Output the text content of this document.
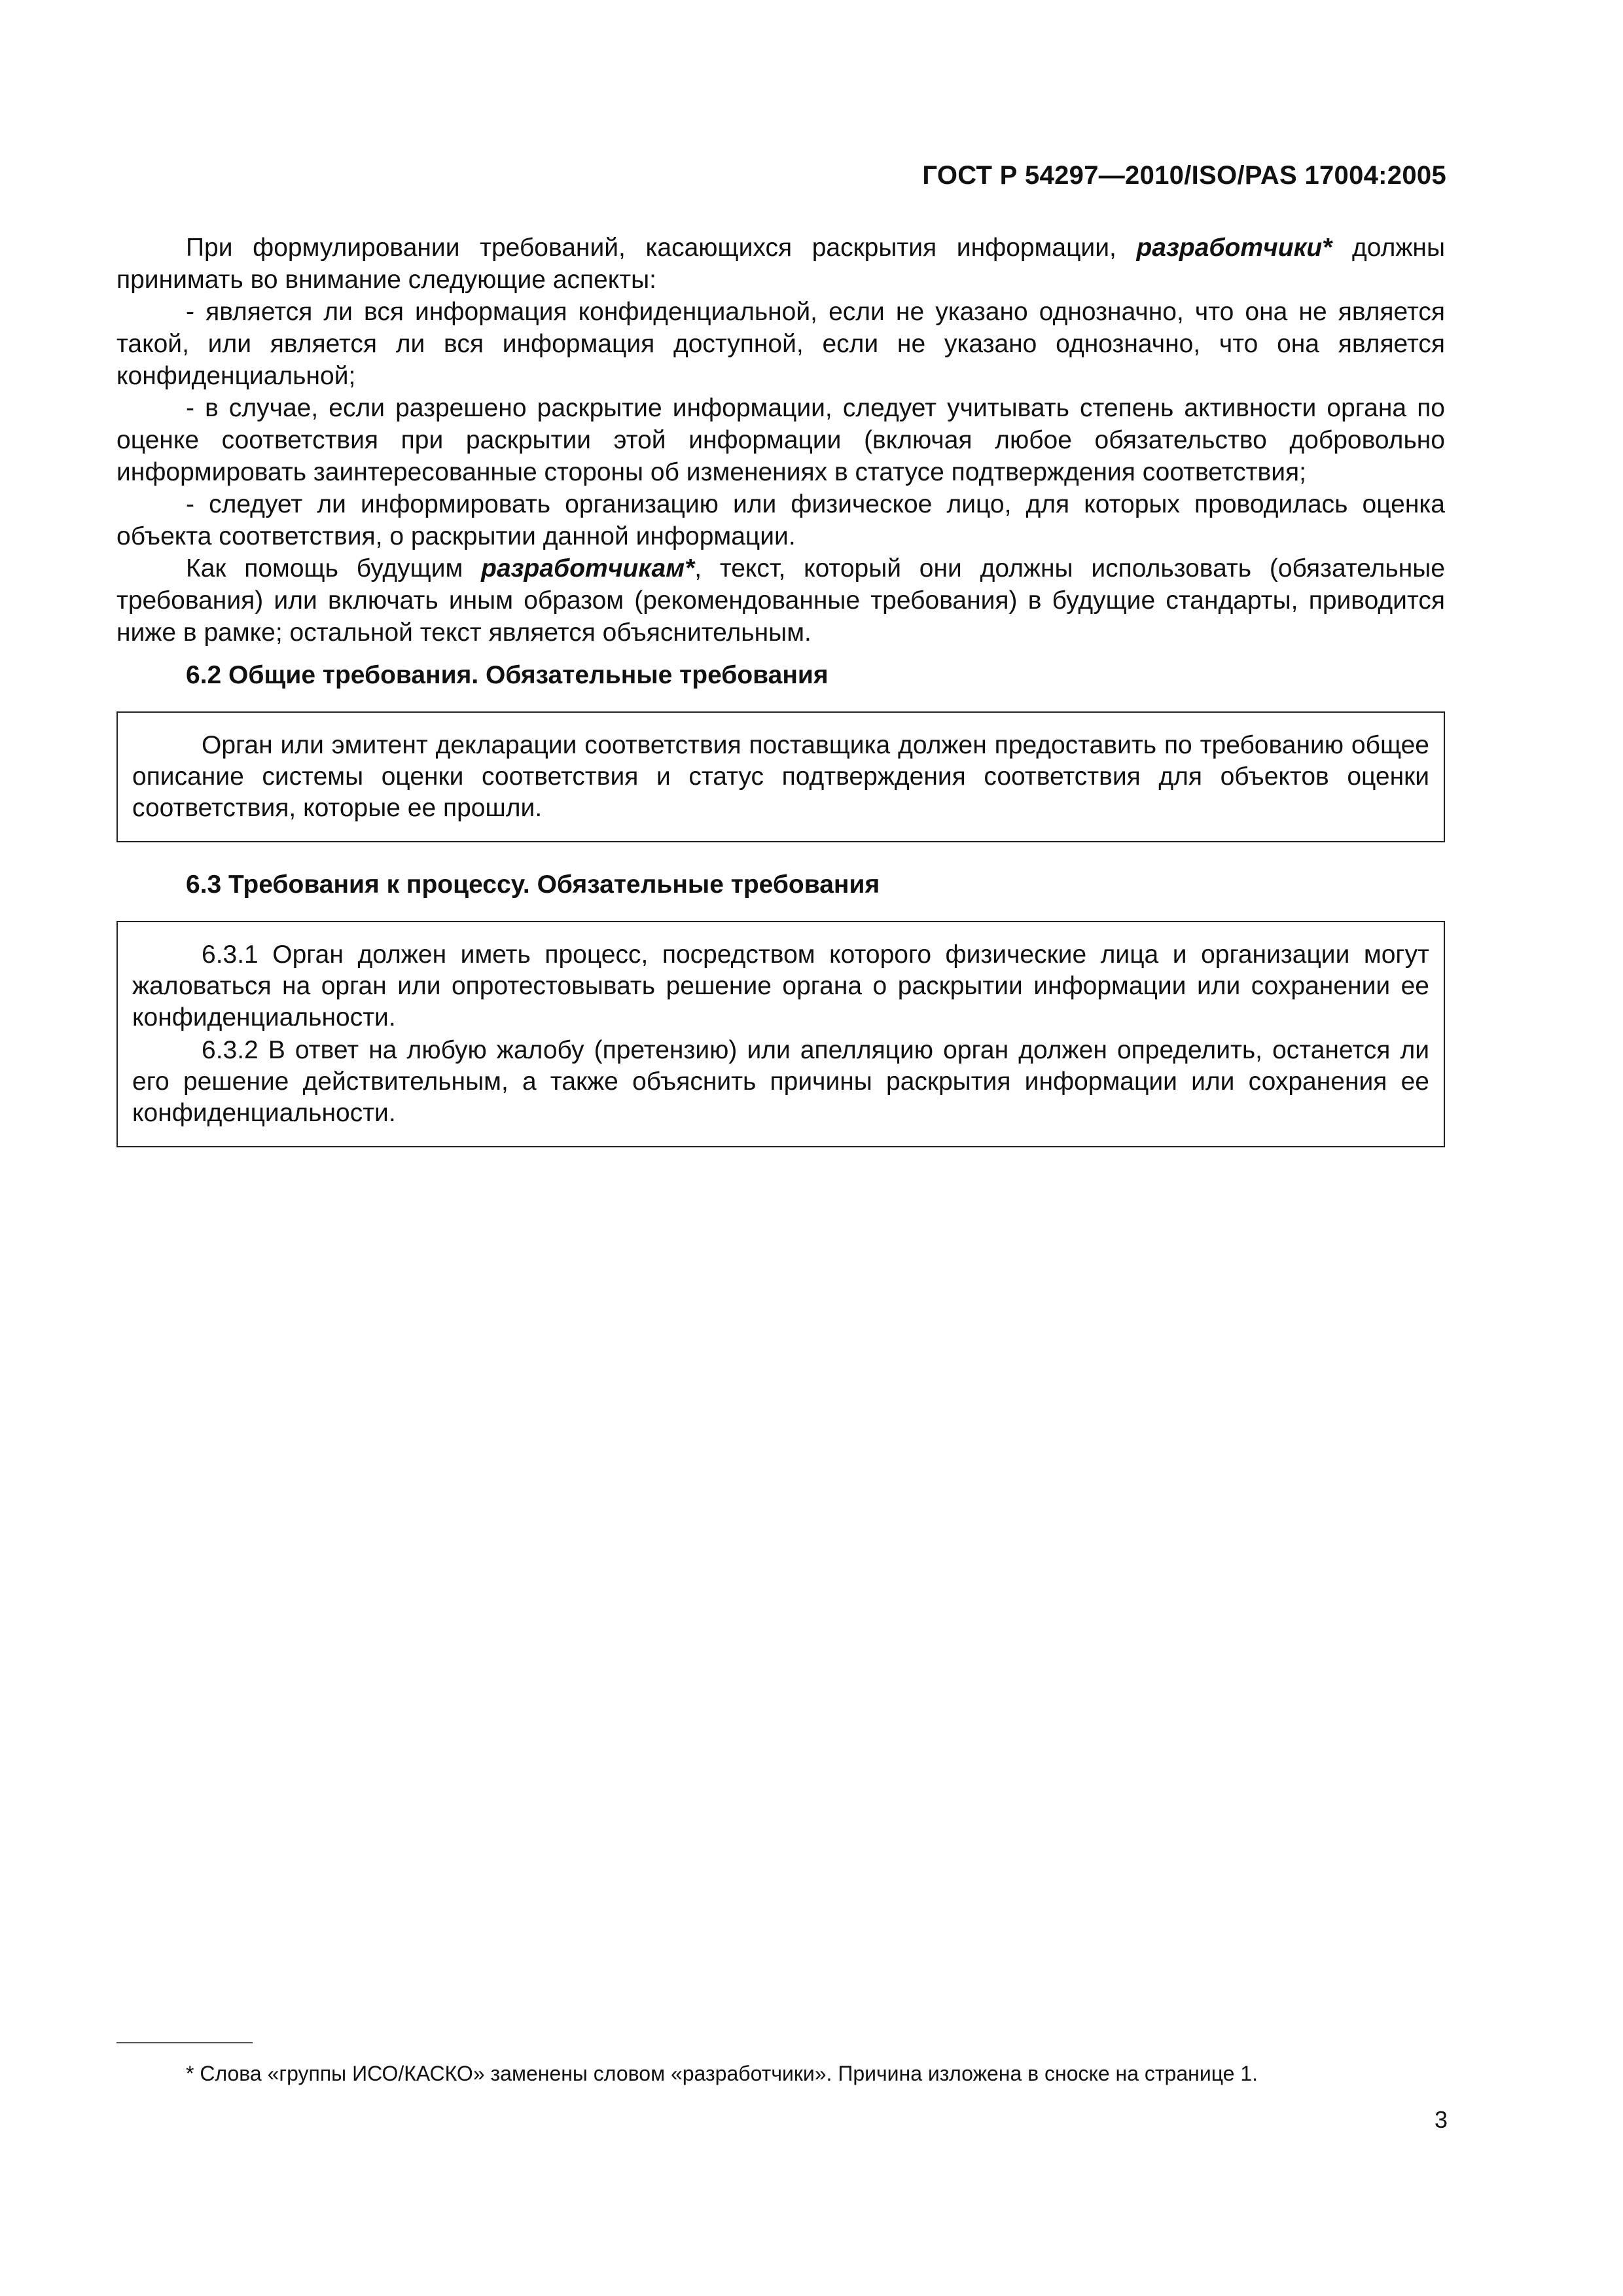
ГОСТ Р 54297—2010/ISO/PAS 17004:2005

При формулировании требований, касающихся раскрытия информации, разработчики* должны принимать во внимание следующие аспекты:

- является ли вся информация конфиденциальной, если не указано однозначно, что она не является такой, или является ли вся информация доступной, если не указано однозначно, что она является конфиденциальной;

- в случае, если разрешено раскрытие информации, следует учитывать степень активности органа по оценке соответствия при раскрытии этой информации (включая любое обязательство добровольно информировать заинтересованные стороны об изменениях в статусе подтверждения соответствия;

- следует ли информировать организацию или физическое лицо, для которых проводилась оценка объекта соответствия, о раскрытии данной информации.

Как помощь будущим разработчикам*, текст, который они должны использовать (обязательные требования) или включать иным образом (рекомендованные требования) в будущие стандарты, приводится ниже в рамке; остальной текст является объяснительным.

6.2 Общие требования. Обязательные требования

Орган или эмитент декларации соответствия поставщика должен предоставить по требованию общее описание системы оценки соответствия и статус подтверждения соответствия для объектов оценки соответствия, которые ее прошли.

6.3 Требования к процессу. Обязательные требования

6.3.1 Орган должен иметь процесс, посредством которого физические лица и организации могут жаловаться на орган или опротестовывать решение органа о раскрытии информации или сохранении ее конфиденциальности.

6.3.2 В ответ на любую жалобу (претензию) или апелляцию орган должен определить, останется ли его решение действительным, а также объяснить причины раскрытия информации или сохранения ее конфиденциальности.

* Слова «группы ИСО/КАСКО» заменены словом «разработчики». Причина изложена в сноске на странице 1.
3
